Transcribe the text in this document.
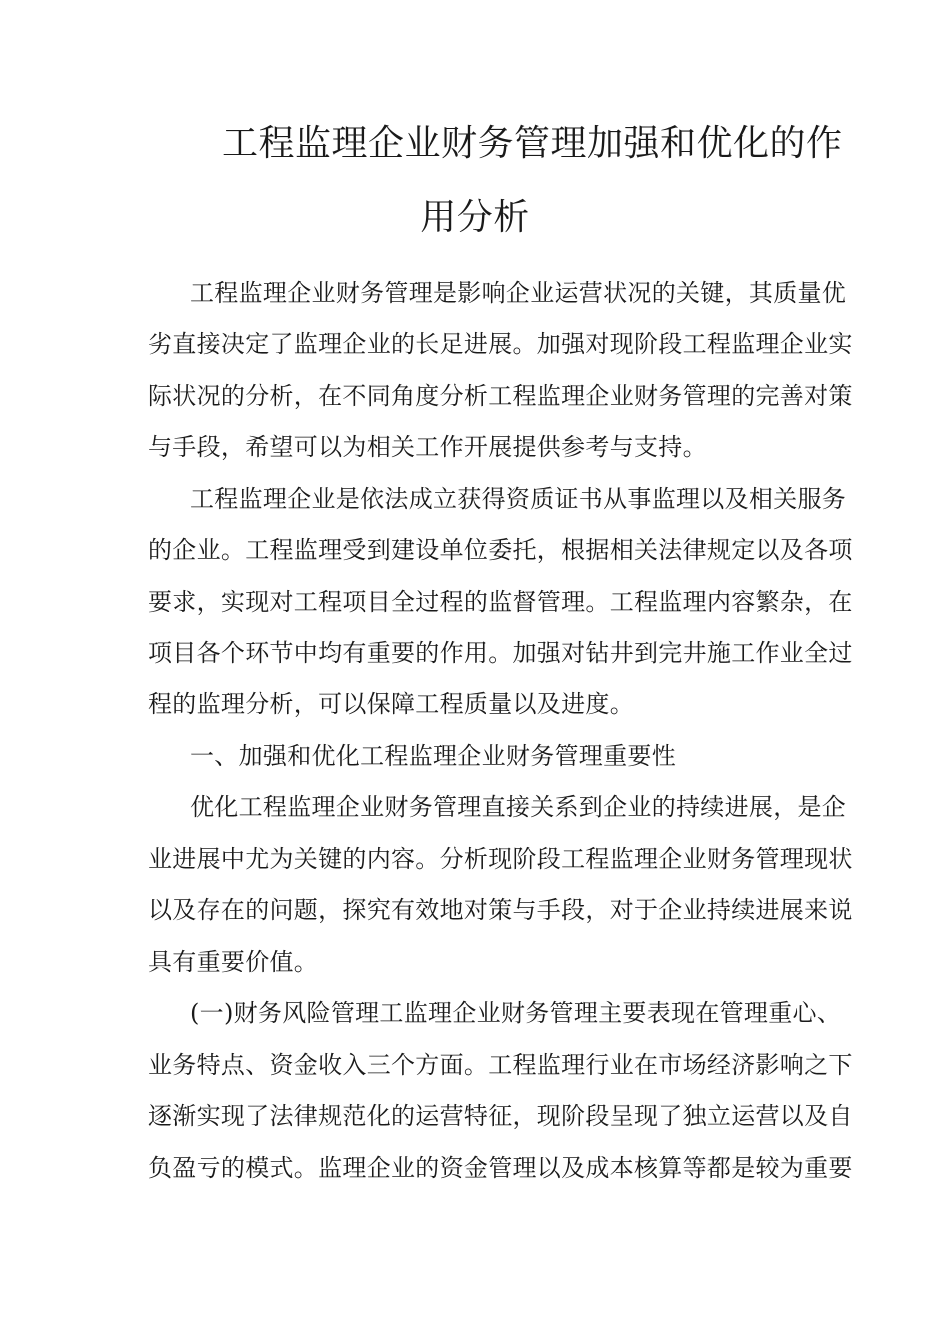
工程监理企业财务管理加强和优化的作
用分析
工程监理企业财务管理是影响企业运营状况的关键，其质量优
劣直接决定了监理企业的长足进展。加强对现阶段工程监理企业实
际状况的分析，在不同角度分析工程监理企业财务管理的完善对策
与手段，希望可以为相关工作开展提供参考与支持。
工程监理企业是依法成立获得资质证书从事监理以及相关服务
的企业。工程监理受到建设单位委托，根据相关法律规定以及各项
要求，实现对工程项目全过程的监督管理。工程监理内容繁杂，在
项目各个环节中均有重要的作用。加强对钻井到完井施工作业全过
程的监理分析，可以保障工程质量以及进度。
一、加强和优化工程监理企业财务管理重要性
优化工程监理企业财务管理直接关系到企业的持续进展，是企
业进展中尤为关键的内容。分析现阶段工程监理企业财务管理现状
以及存在的问题，探究有效地对策与手段，对于企业持续进展来说
具有重要价值。
(一)财务风险管理工监理企业财务管理主要表现在管理重心、
业务特点、资金收入三个方面。工程监理行业在市场经济影响之下
逐渐实现了法律规范化的运营特征，现阶段呈现了独立运营以及自
负盈亏的模式。监理企业的资金管理以及成本核算等都是较为重要
